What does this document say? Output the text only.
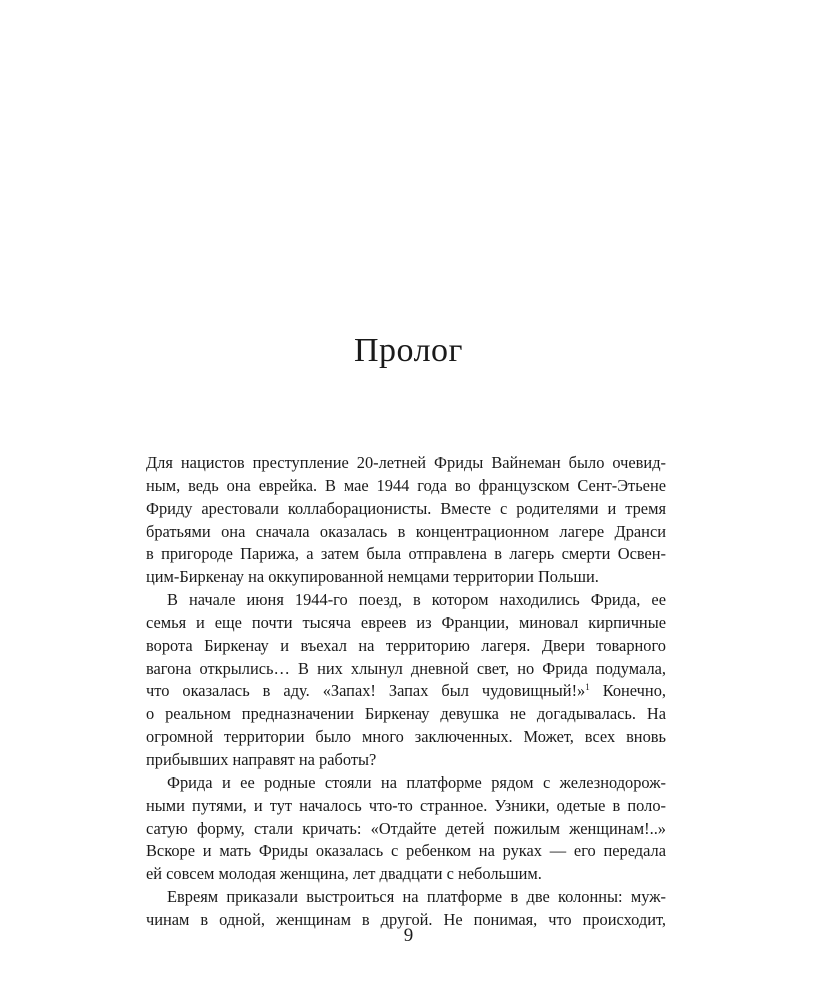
Пролог
Для нацистов преступление 20-летней Фриды Вайнеман было очевид-
ным, ведь она еврейка. В мае 1944 года во французском Сент-Этьене
Фриду арестовали коллаборационисты. Вместе с родителями и тремя
братьями она сначала оказалась в концентрационном лагере Дранси
в пригороде Парижа, а затем была отправлена в лагерь смерти Освен-
цим-Биркенау на оккупированной немцами территории Польши.
В начале июня 1944-го поезд, в котором находились Фрида, ее
семья и еще почти тысяча евреев из Франции, миновал кирпичные
ворота Биркенау и въехал на территорию лагеря. Двери товарного
вагона открылись… В них хлынул дневной свет, но Фрида подумала,
что оказалась в аду. «Запах! Запах был чудовищный!»$^1$ Конечно,
о реальном предназначении Биркенау девушка не догадывалась. На
огромной территории было много заключенных. Может, всех вновь
прибывших направят на работы?
Фрида и ее родные стояли на платформе рядом с железнодорож-
ными путями, и тут началось что-то странное. Узники, одетые в поло-
сатую форму, стали кричать: «Отдайте детей пожилым женщинам!..»
Вскоре и мать Фриды оказалась с ребенком на руках — его передала
ей совсем молодая женщина, лет двадцати с небольшим.
Евреям приказали выстроиться на платформе в две колонны: муж-
чинам в одной, женщинам в другой. Не понимая, что происходит,
9
